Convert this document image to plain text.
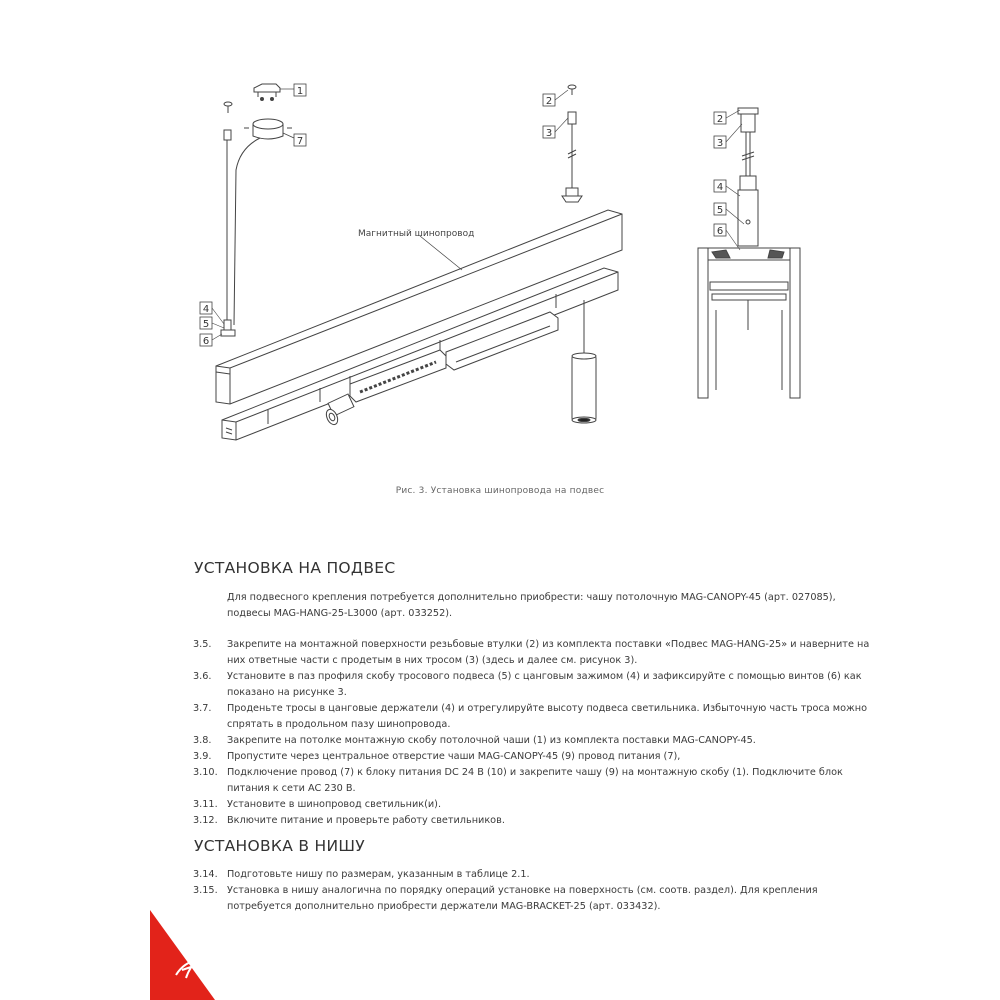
1
7
4
5
6
2
3
2
3
4
5
6
Магнитный шинопровод
Рис. 3. Установка шинопровода на подвес
УСТАНОВКА НА ПОДВЕС

Для подвесного крепления потребуется дополнительно приобрести: чашу потолочную MAG-CANOPY-45 (арт. 027085), подвесы MAG-HANG-25-L3000 (арт. 033252).

3.5. Закрепите на монтажной поверхности резьбовые втулки (2) из комплекта поставки «Подвес MAG-HANG-25» и наверните на них ответные части с продетым в них тросом (3) (здесь и далее см. рисунок 3).
3.6. Установите в паз профиля скобу тросового подвеса (5) с цанговым зажимом (4) и зафиксируйте с помощью винтов (6) как показано на рисунке 3.
3.7. Проденьте тросы в цанговые держатели (4) и отрегулируйте высоту подвеса светильника. Избыточную часть троса можно спрятать в продольном пазу шинопровода.
3.8. Закрепите на потолке монтажную скобу потолочной чаши (1) из комплекта поставки MAG-CANOPY-45.
3.9. Пропустите через центральное отверстие чаши MAG-CANOPY-45 (9) провод питания (7),
3.10. Подключение провод (7) к блоку питания DC 24 В (10) и закрепите чашу (9) на монтажную скобу (1). Подключите блок питания к сети AC 230 В.
3.11. Установите в шинопровод светильник(и).
3.12. Включите питание и проверьте работу светильников.
УСТАНОВКА В НИШУ
3.14. Подготовьте нишу по размерам, указанным в таблице 2.1.
3.15. Установка в нишу аналогична по порядку операций установке на поверхность (см. соотв. раздел). Для крепления потребуется дополнительно приобрести держатели MAG-BRACKET-25 (арт. 033432).
